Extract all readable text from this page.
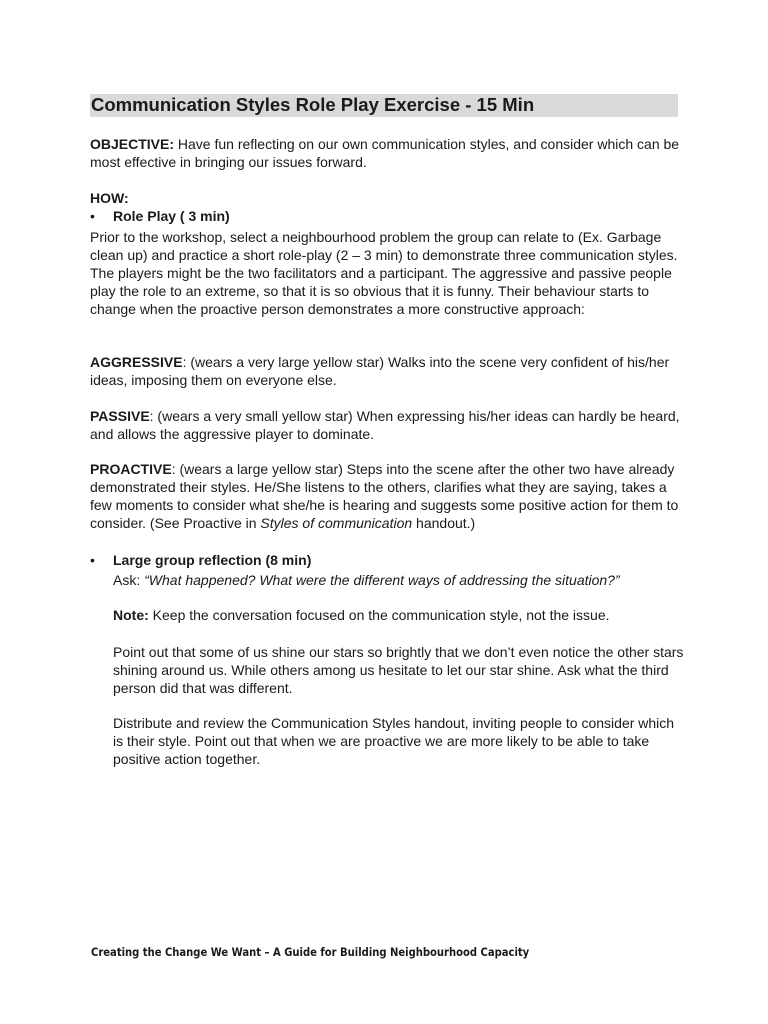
Communication Styles Role Play Exercise - 15 Min
OBJECTIVE: Have fun reflecting on our own communication styles, and consider which can be most effective in bringing our issues forward.
HOW:
• Role Play ( 3 min)
Prior to the workshop, select a neighbourhood problem the group can relate to (Ex. Garbage clean up) and practice a short role-play (2 – 3 min) to demonstrate three communication styles. The players might be the two facilitators and a participant. The aggressive and passive people play the role to an extreme, so that it is so obvious that it is funny. Their behaviour starts to change when the proactive person demonstrates a more constructive approach:
AGGRESSIVE: (wears a very large yellow star) Walks into the scene very confident of his/her ideas, imposing them on everyone else.
PASSIVE: (wears a very small yellow star) When expressing his/her ideas can hardly be heard, and allows the aggressive player to dominate.
PROACTIVE: (wears a large yellow star) Steps into the scene after the other two have already demonstrated their styles. He/She listens to the others, clarifies what they are saying, takes a few moments to consider what she/he is hearing and suggests some positive action for them to consider. (See Proactive in Styles of communication handout.)
• Large group reflection (8 min)
Ask: “What happened? What were the different ways of addressing the situation?”
Note: Keep the conversation focused on the communication style, not the issue.
Point out that some of us shine our stars so brightly that we don’t even notice the other stars shining around us. While others among us hesitate to let our star shine. Ask what the third person did that was different.
Distribute and review the Communication Styles handout, inviting people to consider which is their style. Point out that when we are proactive we are more likely to be able to take positive action together.
Creating the Change We Want – A Guide for Building Neighbourhood Capacity
